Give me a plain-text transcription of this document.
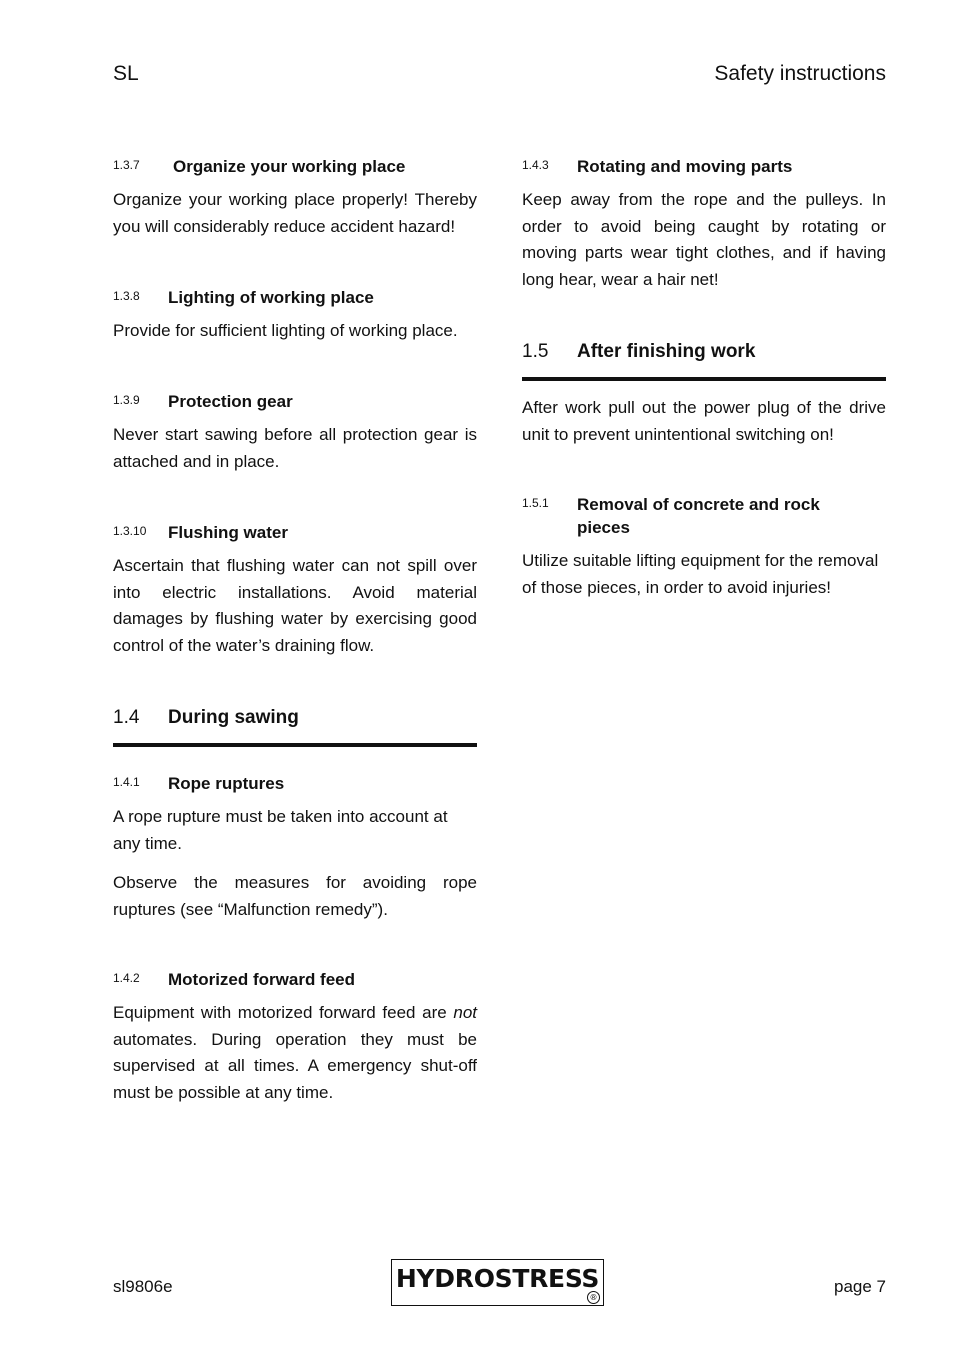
SL	Safety instructions
1.3.7 Organize your working place

Organize your working place properly! Thereby you will considerably reduce accident hazard!

1.3.8 Lighting of working place

Provide for sufficient lighting of working place.

1.3.9 Protection gear

Never start sawing before all protection gear is attached and in place.

1.3.10 Flushing water

Ascertain that flushing water can not spill over into electric installations. Avoid material damages by flushing water by exercising good control of the water’s draining flow.

1.4 During sawing
1.4.1 Rope ruptures

A rope rupture must be taken into account at any time.

Observe the measures for avoiding rope ruptures (see “Malfunction remedy”).

1.4.2 Motorized forward feed

Equipment with motorized forward feed are not automates. During operation they must be supervised at all times. A emergency shut-off must be possible at any time.

1.4.3 Rotating and moving parts

Keep away from the rope and the pulleys. In order to avoid being caught by rotating or moving parts wear tight clothes, and if having long hear, wear a hair net!

1.5 After finishing work

After work pull out the power plug of the drive unit to prevent unintentional switching on!

1.5.1 Removal of concrete and rock pieces

Utilize suitable lifting equipment for the removal of those pieces, in order to avoid injuries!

sl9806e	HYDROSTRESS
®
page 7
